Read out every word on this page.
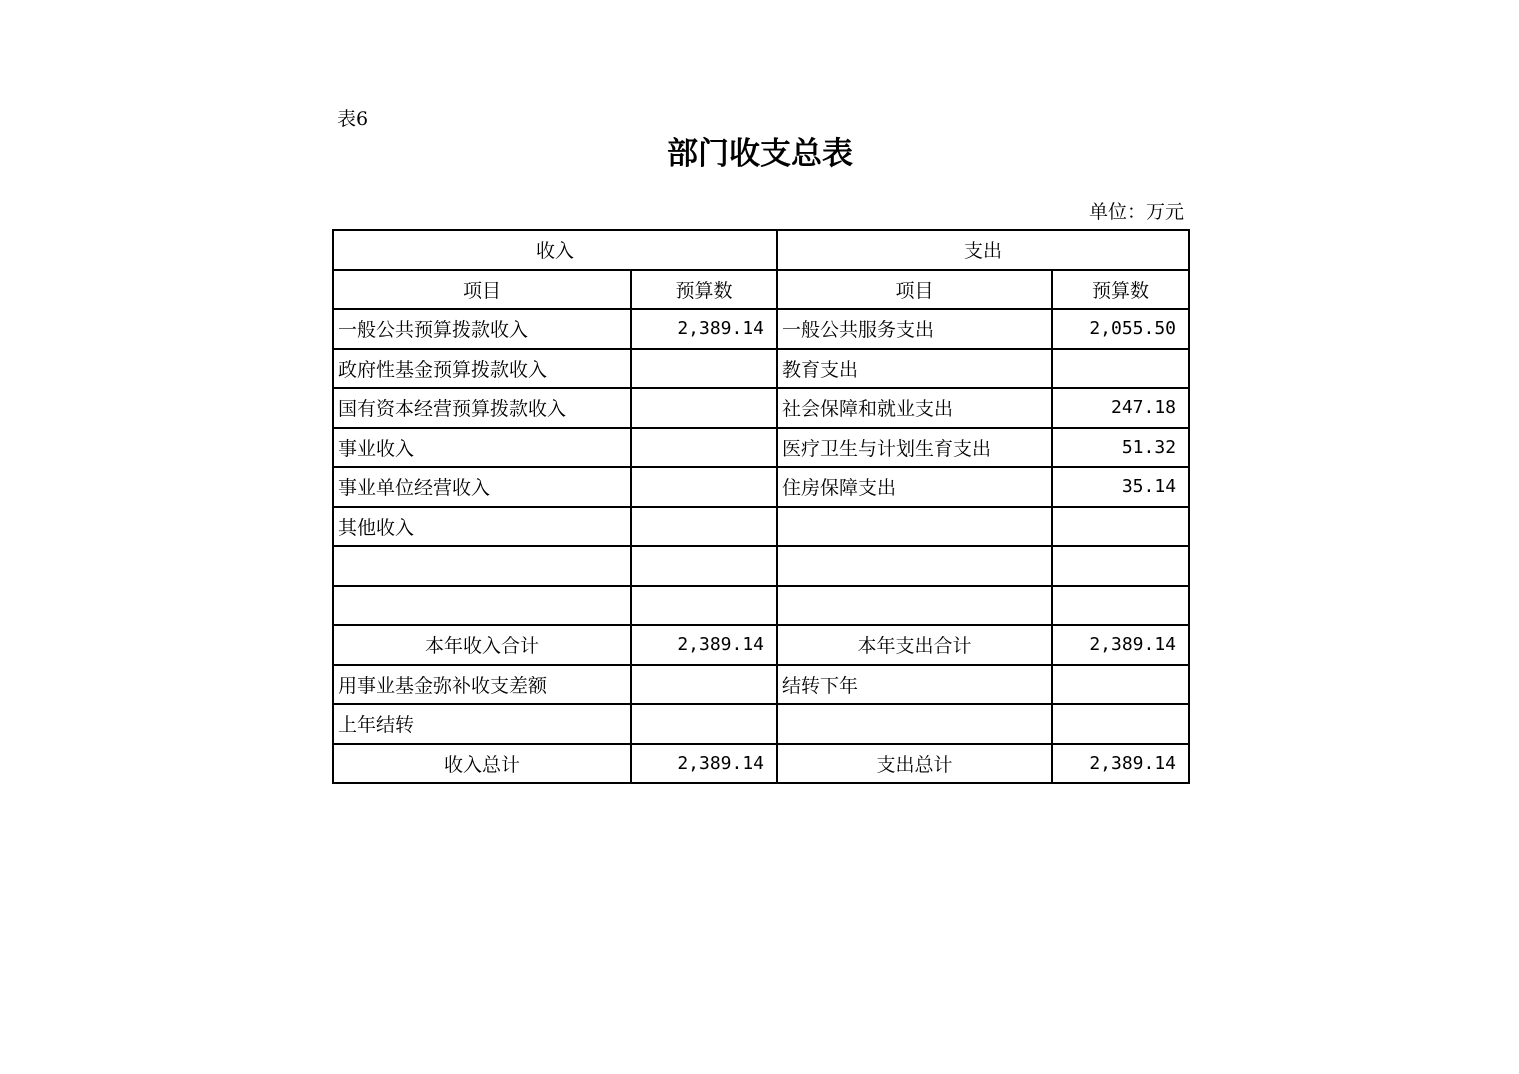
表6
部门收支总表
单位：万元
收入		支出	
项目	预算数	项目	预算数
一般公共预算拨款收入	2,389.14	一般公共服务支出	2,055.50
政府性基金预算拨款收入		教育支出	
国有资本经营预算拨款收入		社会保障和就业支出	247.18
事业收入		医疗卫生与计划生育支出	51.32
事业单位经营收入		住房保障支出	35.14
其他收入			

本年收入合计	2,389.14	本年支出合计	2,389.14
用事业基金弥补收支差额		结转下年	
上年结转			
收入总计	2,389.14	支出总计	2,389.14
